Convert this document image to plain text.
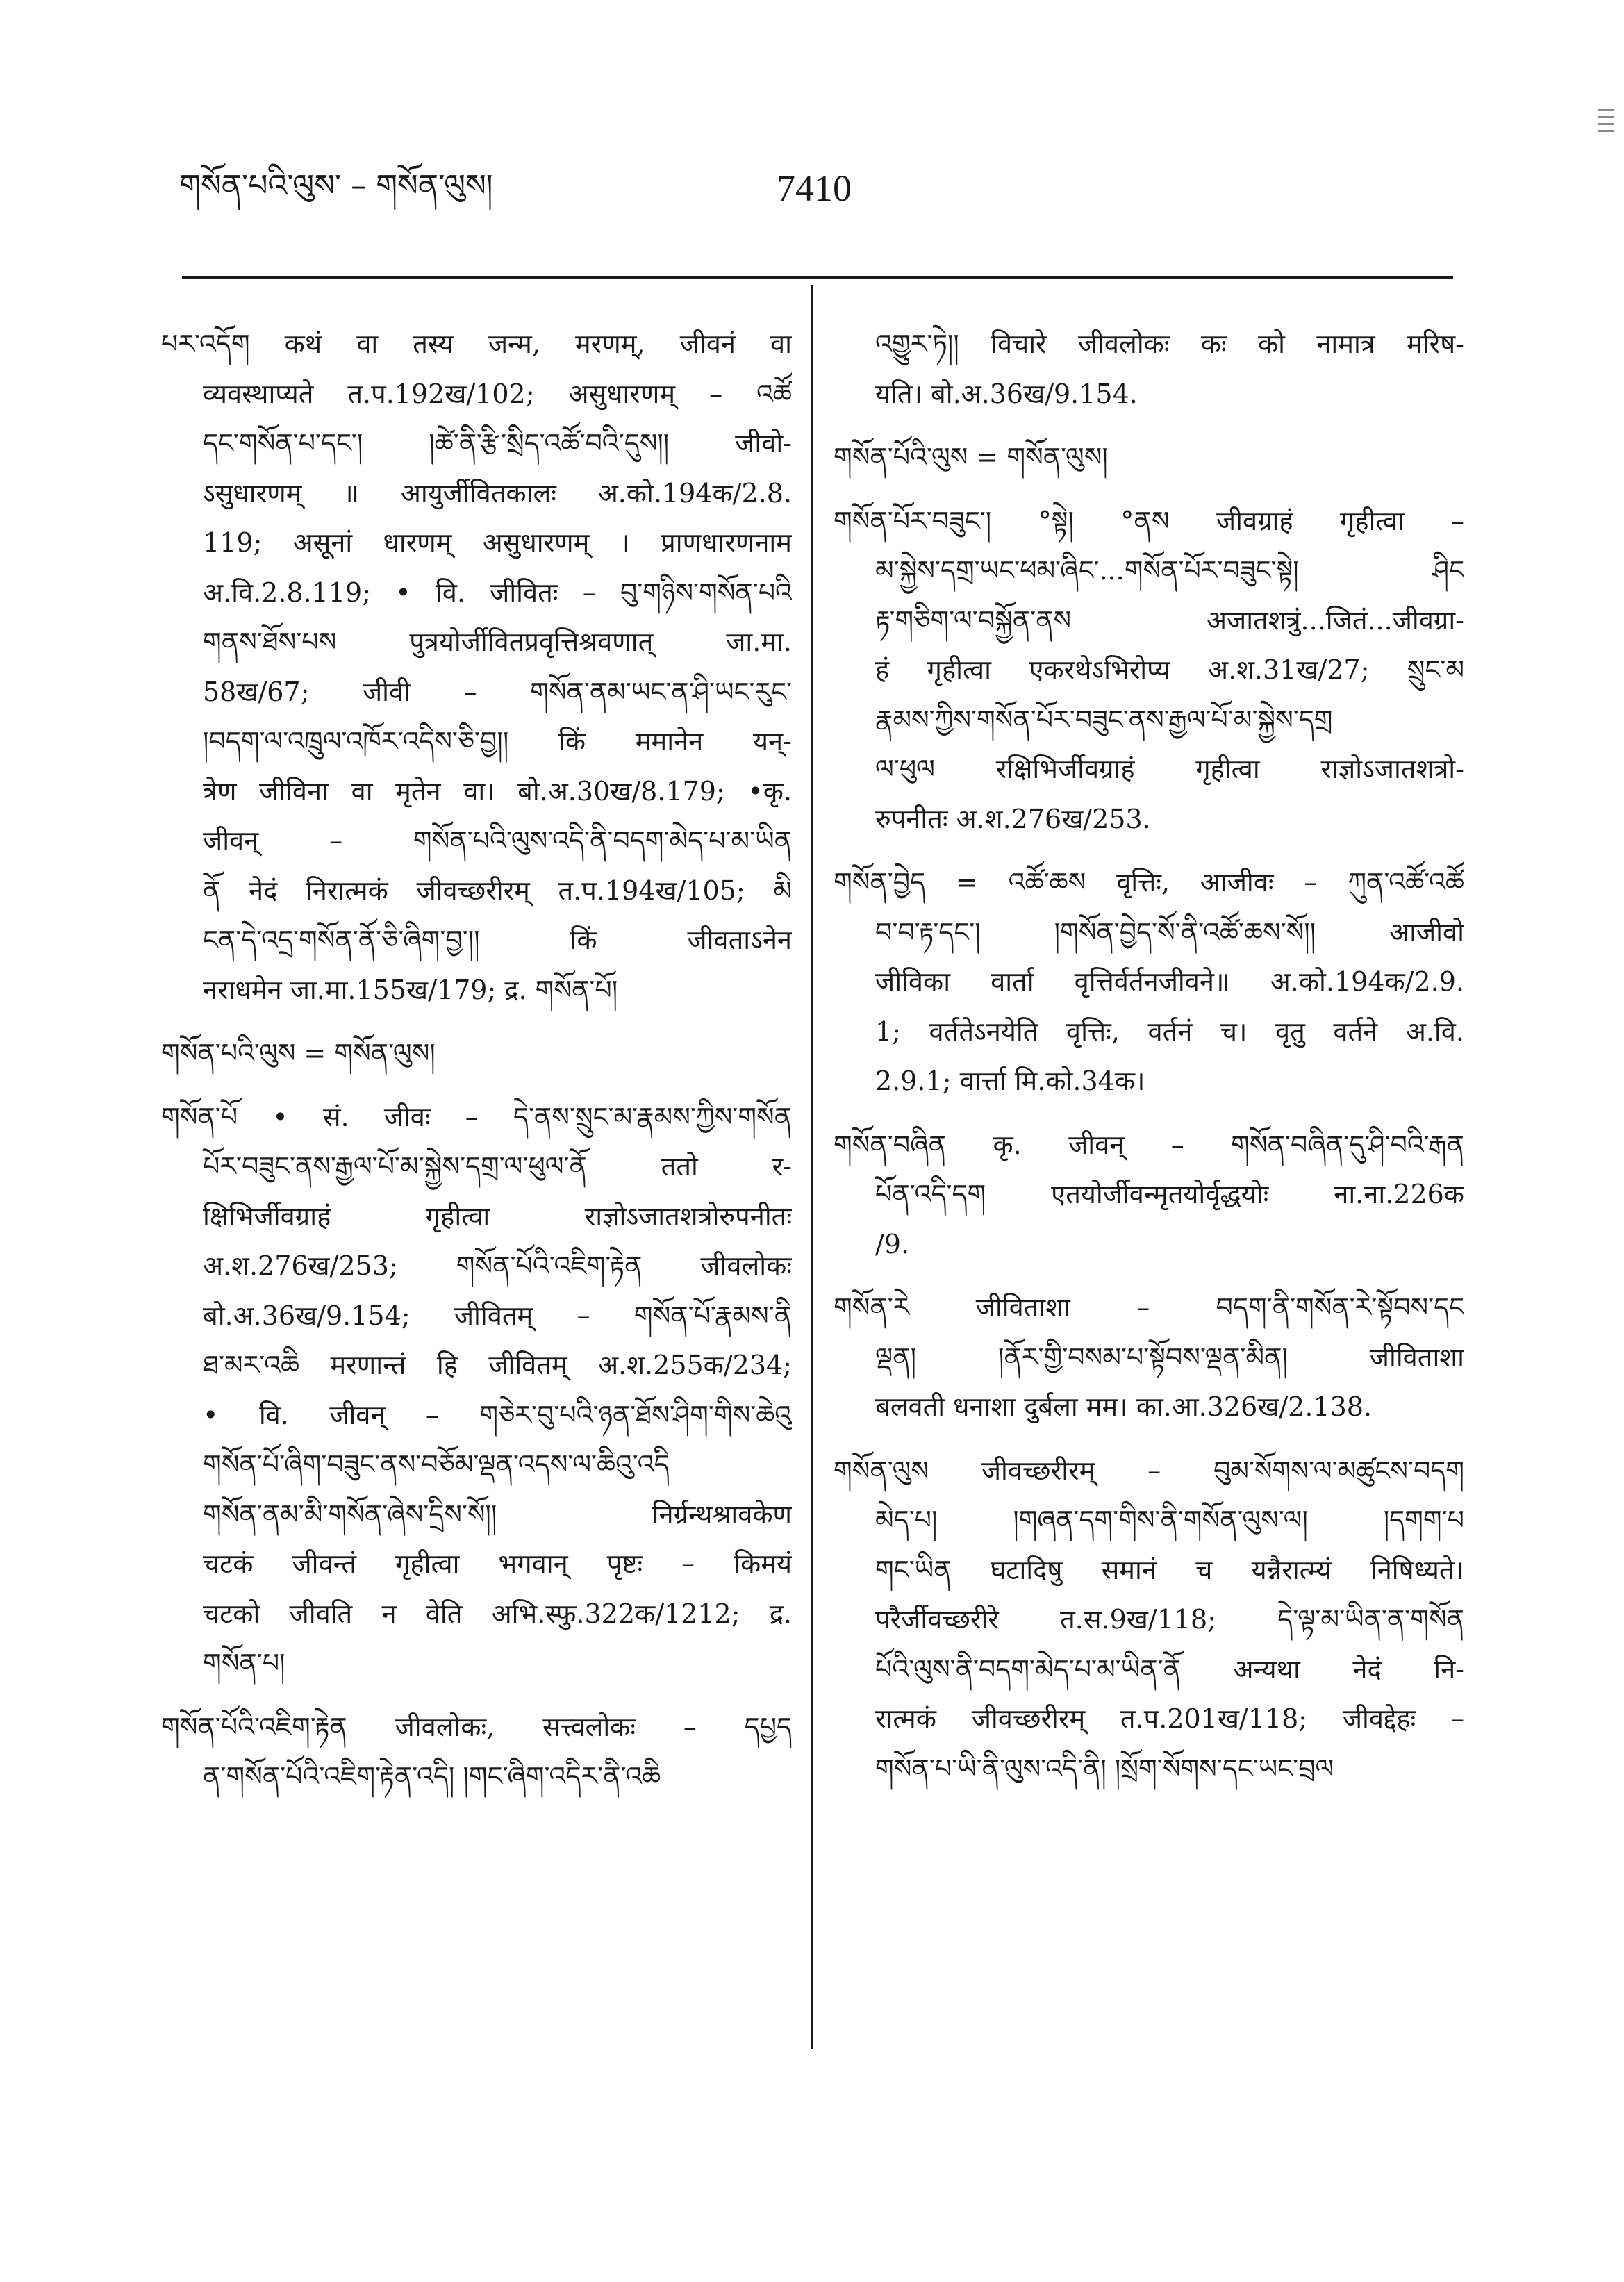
གསོན་པའི་ལུས་ – གསོན་ལུས།	7410
པར་འདོག कथं वा तस्य जन्म, मरणम्, जीवनं वा
व्यवस्थाप्यते त.प.192ख/102; असुधारणम् – འཚོ
དང་གསོན་པ་དང་། །ཚེ་ནི་རྩི་སྲིད་འཚོ་བའི་དུས།། जीवो-
ऽसुधारणम् ॥ आयुर्जीवितकालः अ.को.194क/2.8.
119; असूनां धारणम् असुधारणम् । प्राणधारणनाम
अ.वि.2.8.119; • वि. जीवितः – བུ་གཉིས་གསོན་པའི
གནས་ཐོས་པས पुत्रयोर्जीवितप्रवृत्तिश्रवणात् जा.मा.
58ख/67; जीवी – གསོན་ནམ་ཡང་ན་ཤི་ཡང་རུང་
།བདག་ལ་འཁྲུལ་འཁོར་འདིས་ཅི་བྱ།། किं ममानेन यन्-
त्रेण जीविना वा मृतेन वा। बो.अ.30ख/8.179; •कृ.
जीवन् – གསོན་པའི་ལུས་འདི་ནི་བདག་མེད་པ་མ་ཡིན
ནོ नेदं निरात्मकं जीवच्छरीरम् त.प.194ख/105; མི
ངན་དེ་འདྲ་གསོན་ནོ་ཅི་ཞིག་བྱ་།། किं जीवताऽनेन
नराधमेन जा.मा.155ख/179; द्र. གསོན་པོ།
གསོན་པའི་ལུས = གསོན་ལུས།
གསོན་པོ • सं. जीवः – དེ་ནས་སྲུང་མ་རྣམས་ཀྱིས་གསོན
པོར་བཟུང་ནས་རྒྱལ་པོ་མ་སྐྱེས་དགྲ་ལ་ཕུལ་ནོ ततो र-
क्षिभिर्जीवग्राहं गृहीत्वा राज्ञोऽजातशत्रोरुपनीतः
अ.श.276ख/253; གསོན་པོའི་འཇིག་རྟེན जीवलोकः
बो.अ.36ख/9.154; जीवितम् – གསོན་པོ་རྣམས་ནི
ཐ་མར་འཆི मरणान्तं हि जीवितम् अ.श.255क/234;
• वि. जीवन् – གཅེར་བུ་པའི་ཉན་ཐོས་ཤིག་གིས་ཆེའུ
གསོན་པོ་ཞིག་བཟུང་ནས་བཅོམ་ལྡན་འདས་ལ་ཆིའུ་འདི
གསོན་ནམ་མི་གསོན་ཞེས་དྲིས་སོ།། निर्ग्रन्थश्रावकेण
चटकं जीवन्तं गृहीत्वा भगवान् पृष्टः – किमयं
चटको जीवति न वेति अभि.स्फु.322क/1212; द्र.
གསོན་པ།
གསོན་པོའི་འཇིག་རྟེན जीवलोकः, सत्त्वलोकः – དཔྱད
ན་གསོན་པོའི་འཇིག་རྟེན་འདི། །གང་ཞིག་འདིར་ནི་འཆི
འགྱུར་ཏེ།། विचारे जीवलोकः कः को नामात्र मरिष-
यति। बो.अ.36ख/9.154.
གསོན་པོའི་ལུས = གསོན་ལུས།
གསོན་པོར་བཟུང་། °སྟེ། °ནས जीवग्राहं गृहीत्वा –
མ་སྐྱེས་དགྲ་ཡང་ཕམ་ཞིང་...གསོན་པོར་བཟུང་སྟེ། ཤིང
རྟ་གཅིག་ལ་བསྐྱོན་ནས अजातशत्रुं...जितं...जीवग्रा-
हं गृहीत्वा एकरथेऽभिरोप्य अ.श.31ख/27; སྲུང་མ
རྣམས་ཀྱིས་གསོན་པོར་བཟུང་ནས་རྒྱལ་པོ་མ་སྐྱེས་དགྲ
ལ་ཕུལ रक्षिभिर्जीवग्राहं गृहीत्वा राज्ञोऽजातशत्रो-
रुपनीतः अ.श.276ख/253.
གསོན་བྱེད = འཚོ་ཆས वृत्तिः, आजीवः – ཀུན་འཚོ་འཚོ
བ་བ་རྟ་དང་། །གསོན་བྱེད་སོ་ནི་འཚོ་ཆས་སོ།། आजीवो
जीविका वार्ता वृत्तिर्वर्तनजीवने॥ अ.को.194क/2.9.
1; वर्ततेऽनयेति वृत्तिः, वर्तनं च। वृतु वर्तने अ.वि.
2.9.1; वार्त्ता मि.को.34क।
གསོན་བཞིན कृ. जीवन् – གསོན་བཞིན་དུ་ཤི་བའི་རྒན
པོན་འདི་དག एतयोर्जीवन्मृतयोर्वृद्धयोः ना.ना.226क
/9.
གསོན་རེ जीविताशा – བདག་ནི་གསོན་རེ་སྟོབས་དང
ལྡན། །ནོར་གྱི་བསམ་པ་སྟོབས་ལྡན་མིན། जीविताशा
बलवती धनाशा दुर्बला मम। का.आ.326ख/2.138.
གསོན་ལུས जीवच्छरीरम् – བུམ་སོགས་ལ་མཚུངས་བདག
མེད་པ། །གཞན་དག་གིས་ནི་གསོན་ལུས་ལ། །དགག་པ
གང་ཡིན घटादिषु समानं च यन्नैरात्म्यं निषिध्यते।
परैर्जीवच्छरीरे त.स.9ख/118; དེ་ལྟ་མ་ཡིན་ན་གསོན
པོའི་ལུས་ནི་བདག་མེད་པ་མ་ཡིན་ནོ अन्यथा नेदं नि-
रात्मकं जीवच्छरीरम् त.प.201ख/118; जीवद्देहः –
གསོན་པ་ཡི་ནི་ལུས་འདི་ནི། །སྲོག་སོགས་དང་ཡང་བྲལ
